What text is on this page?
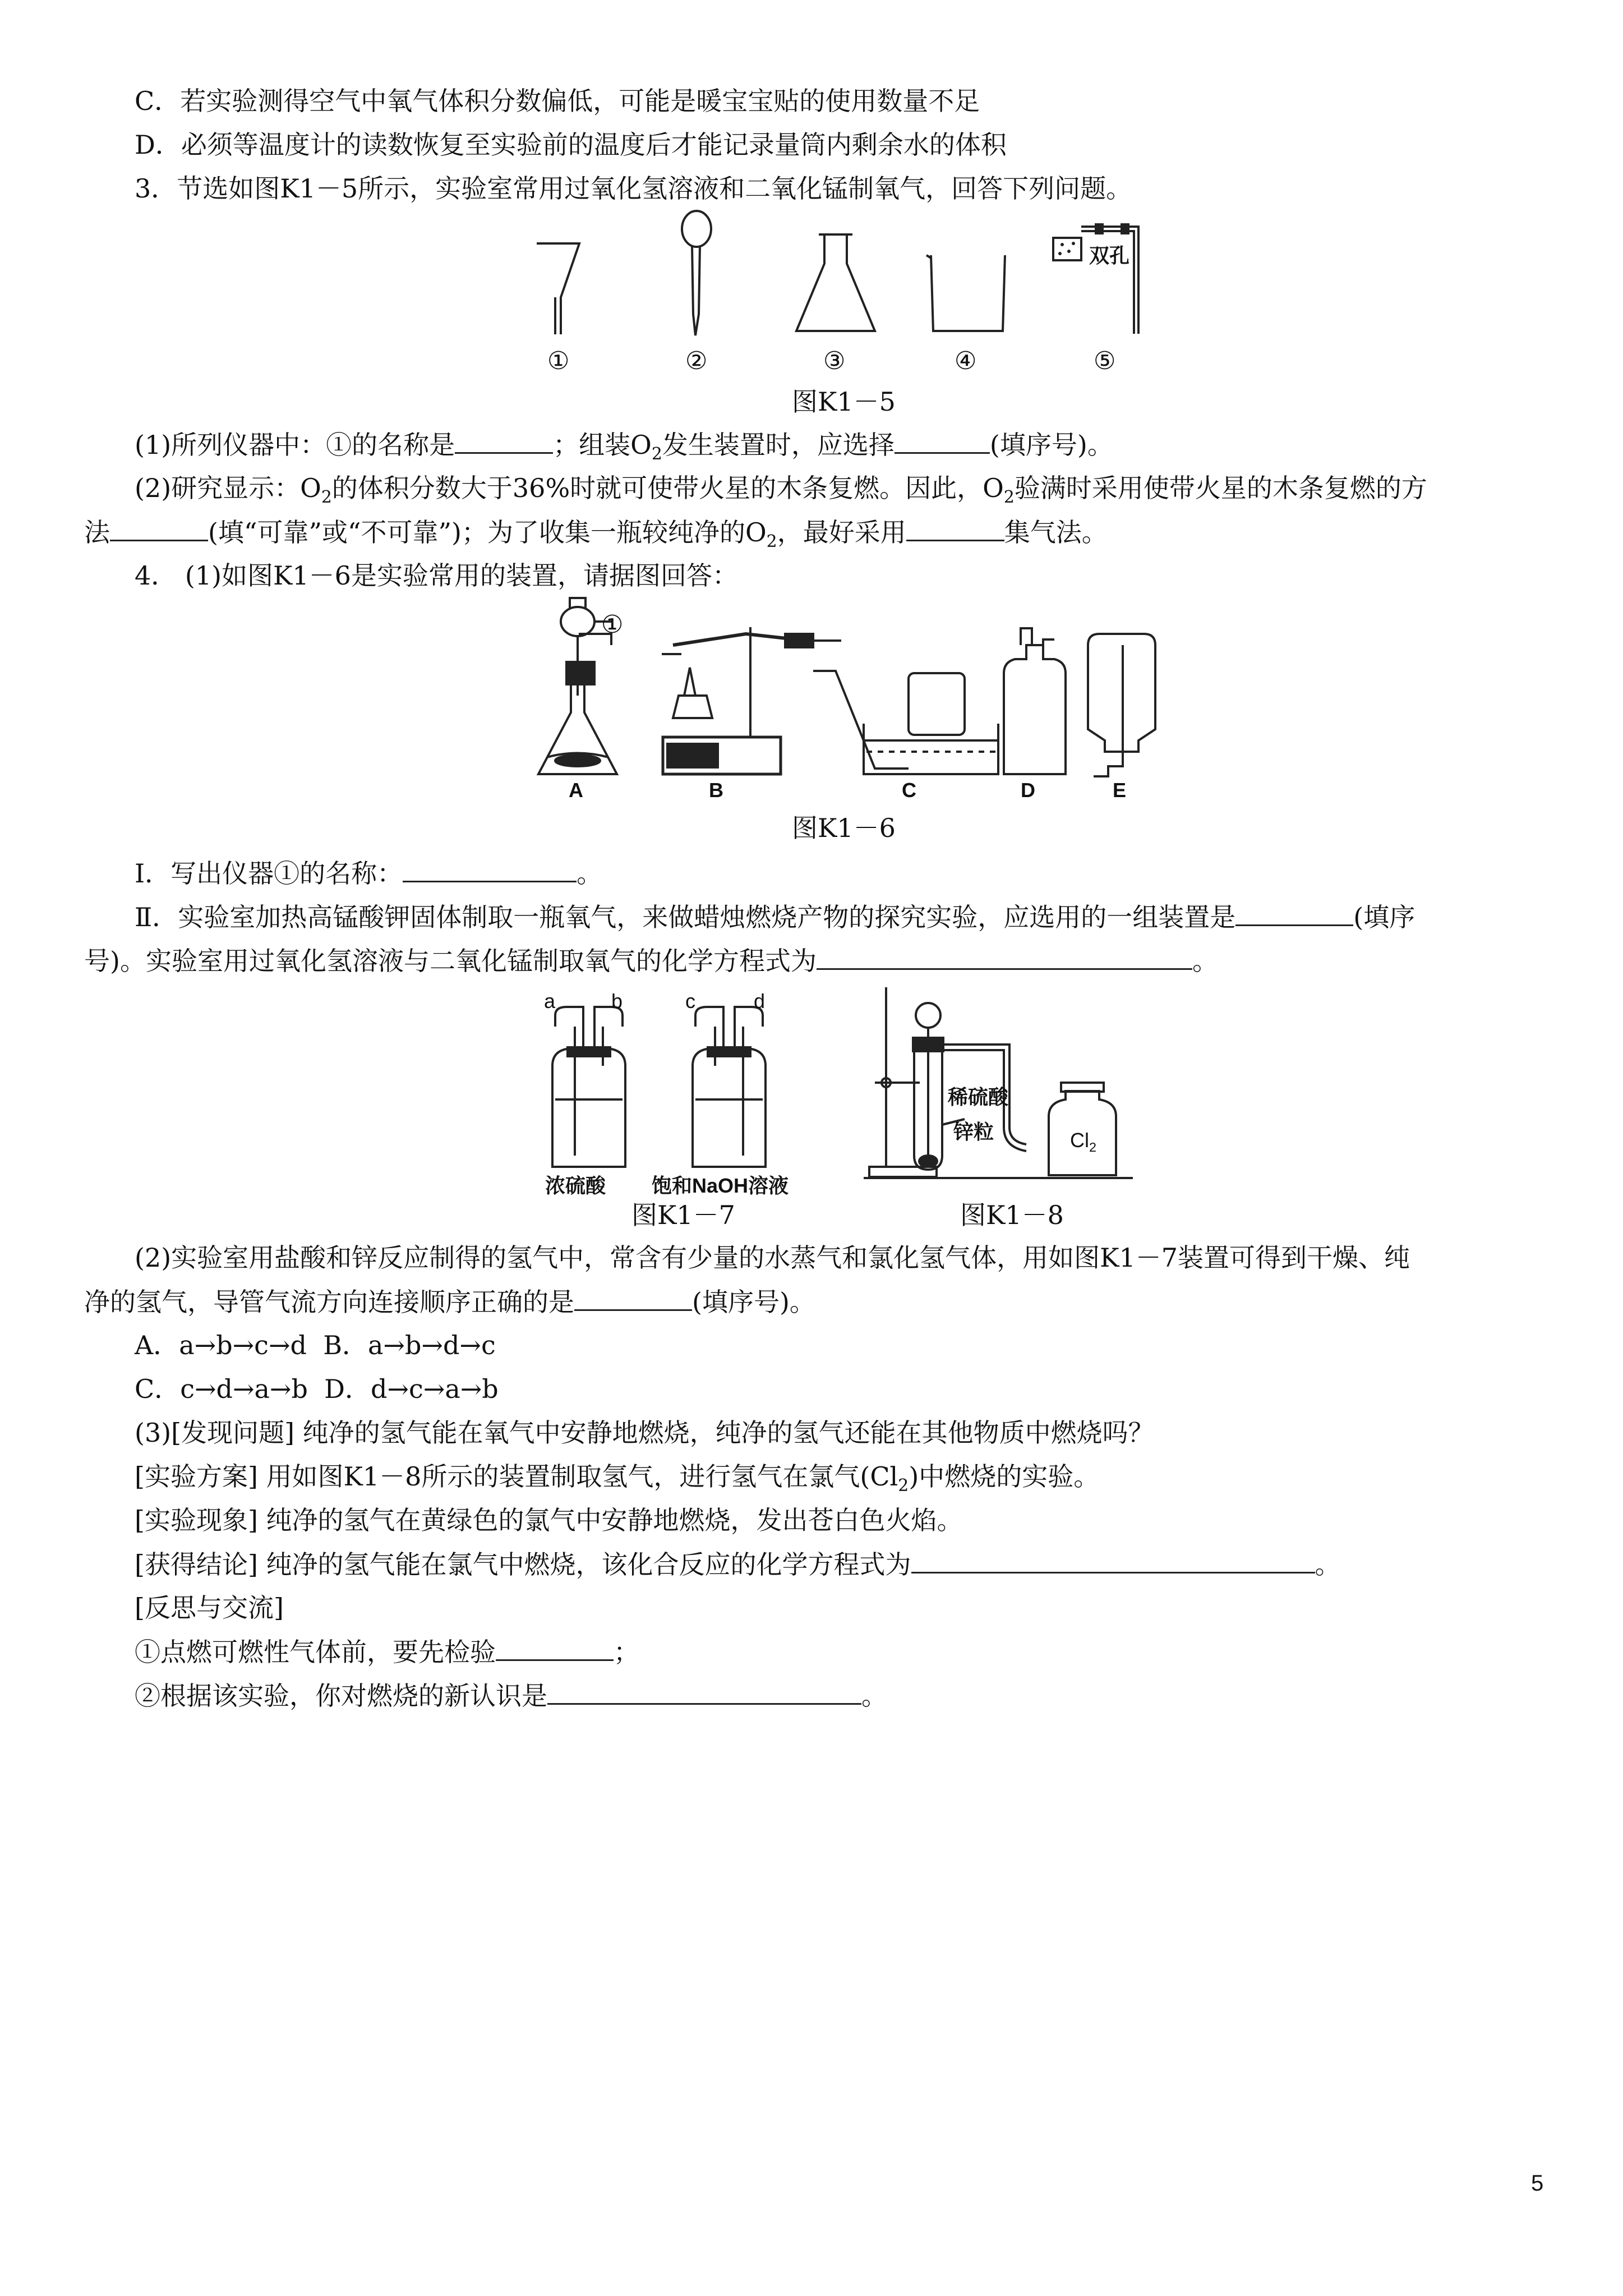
C．若实验测得空气中氧气体积分数偏低，可能是暖宝宝贴的使用数量不足
D．必须等温度计的读数恢复至实验前的温度后才能记录量筒内剩余水的体积
3．节选如图K1－5所示，实验室常用过氧化氢溶液和二氧化锰制氧气，回答下列问题。
双孔
①	②	③	④	⑤
图K1－5
(1)所列仪器中：①的名称是	；组装$O_2$发生装置时，应选择	(填序号)。
(2)研究显示：$O_2$的体积分数大于36%时就可使带火星的木条复燃。因此，$O_2$验满时采用使带火星的木条复燃的方
法	(填“可靠”或“不可靠”)；为了收集一瓶较纯净的$O_2$，最好采用	集气法。
4． (1)如图K1－6是实验常用的装置，请据图回答：
①
A	B	C	D	E
图K1－6
Ⅰ．写出仪器①的名称：	。
Ⅱ．实验室加热高锰酸钾固体制取一瓶氧气，来做蜡烛燃烧产物的探究实验，应选用的一组装置是	(填序
号)。实验室用过氧化氢溶液与二氧化锰制取氧气的化学方程式为	。
a	b	c	d
浓硫酸 饱和NaOH溶液
稀硫酸
锌粒	$Cl_2$
图K1－7	图K1－8
(2)实验室用盐酸和锌反应制得的氢气中，常含有少量的水蒸气和氯化氢气体，用如图K1－7装置可得到干燥、纯
净的氢气，导管气流方向连接顺序正确的是	(填序号)。
A．a→b→c→d B．a→b→d→c
C．c→d→a→b D．d→c→a→b
(3)[发现问题] 纯净的氢气能在氧气中安静地燃烧，纯净的氢气还能在其他物质中燃烧吗？
[实验方案] 用如图K1－8所示的装置制取氢气，进行氢气在氯气$(Cl_2)$中燃烧的实验。
[实验现象] 纯净的氢气在黄绿色的氯气中安静地燃烧，发出苍白色火焰。
[获得结论] 纯净的氢气能在氯气中燃烧，该化合反应的化学方程式为	。
[反思与交流]
①点燃可燃性气体前，要先检验	；
②根据该实验，你对燃烧的新认识是	。
5
